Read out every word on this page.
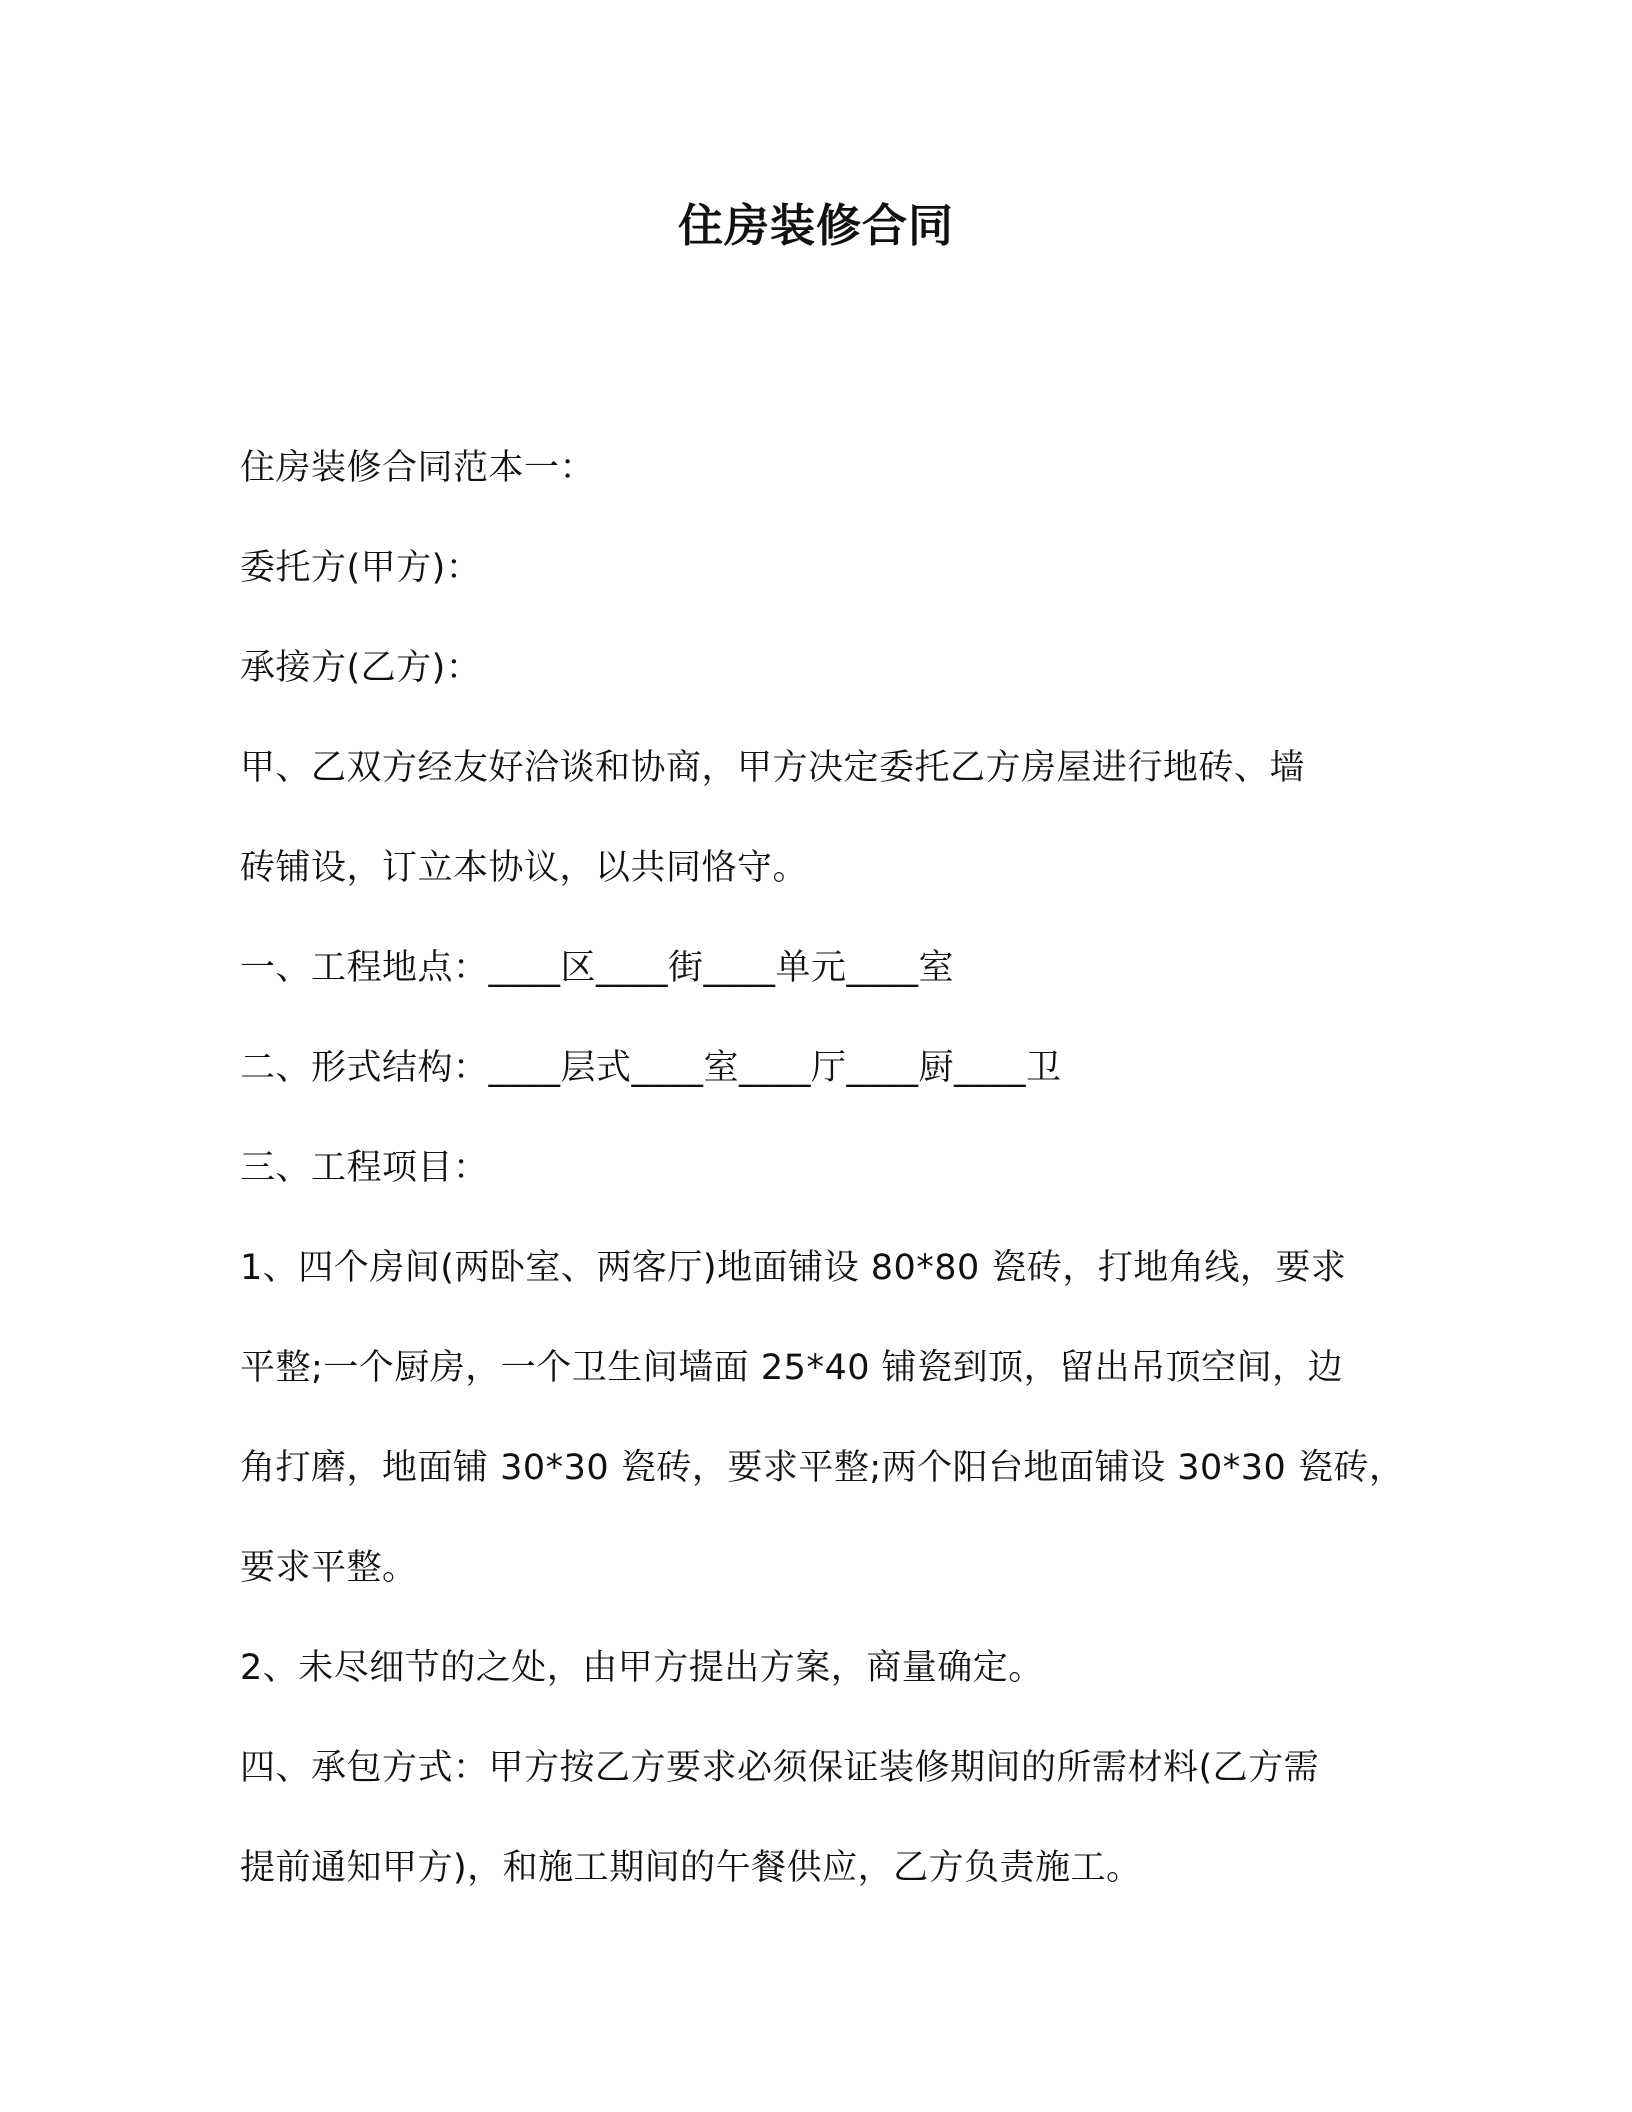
住房装修合同
住房装修合同范本一：
委托方(甲方)：
承接方(乙方)：
甲、乙双方经友好洽谈和协商，甲方决定委托乙方房屋进行地砖、墙
砖铺设，订立本协议，以共同恪守。
一、工程地点：____区____街____单元____室
二、形式结构：____层式____室____厅____厨____卫
三、工程项目：
1、四个房间(两卧室、两客厅)地面铺设 80*80 瓷砖，打地角线，要求
平整;一个厨房，一个卫生间墙面 25*40 铺瓷到顶，留出吊顶空间，边
角打磨，地面铺 30*30 瓷砖，要求平整;两个阳台地面铺设 30*30 瓷砖，
要求平整。
2、未尽细节的之处，由甲方提出方案，商量确定。
四、承包方式：甲方按乙方要求必须保证装修期间的所需材料(乙方需
提前通知甲方)，和施工期间的午餐供应，乙方负责施工。
